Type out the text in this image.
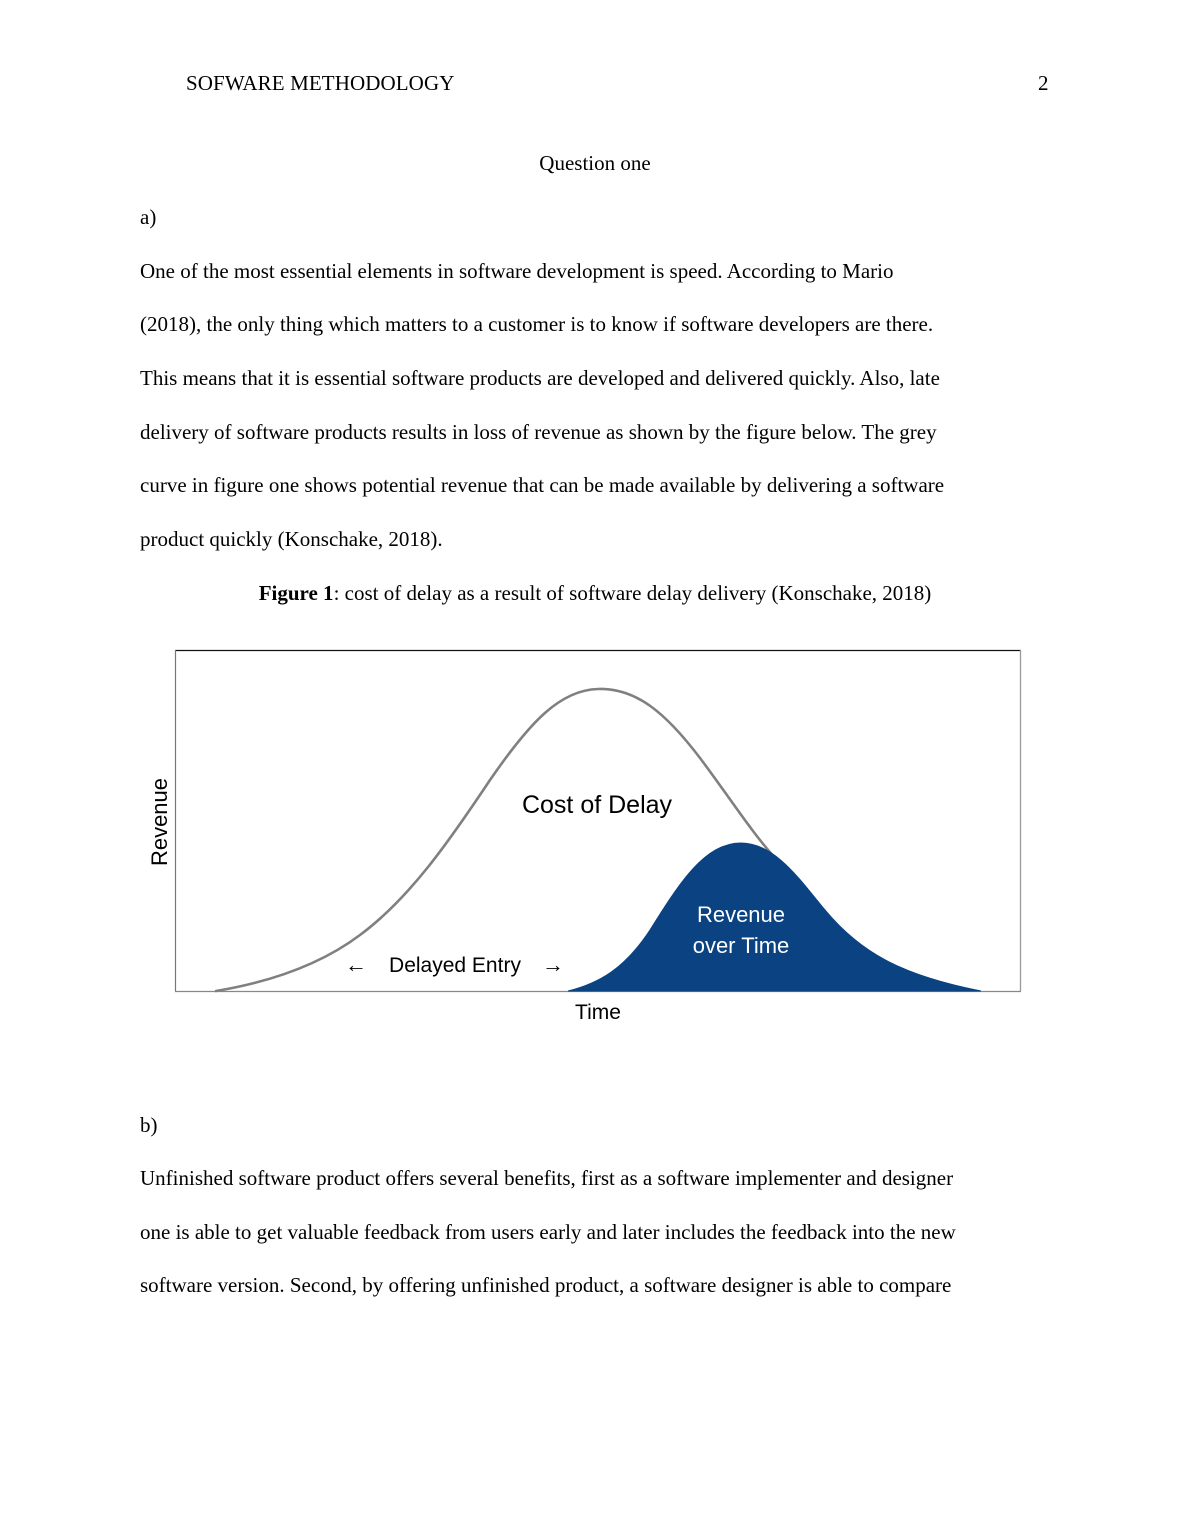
SOFWARE METHODOLOGY	2
Question one
a)
One of the most essential elements in software development is speed. According to Mario
(2018), the only thing which matters to a customer is to know if software developers are there.
This means that it is essential software products are developed and delivered quickly. Also, late
delivery of software products results in loss of revenue as shown by the figure below. The grey
curve in figure one shows potential revenue that can be made available by delivering a software
product quickly (Konschake, 2018).
Figure 1: cost of delay as a result of software delay delivery (Konschake, 2018)
Revenue
Time
Cost of Delay
← Delayed Entry →
Revenue
over Time
b)
Unfinished software product offers several benefits, first as a software implementer and designer
one is able to get valuable feedback from users early and later includes the feedback into the new
software version. Second, by offering unfinished product, a software designer is able to compare
